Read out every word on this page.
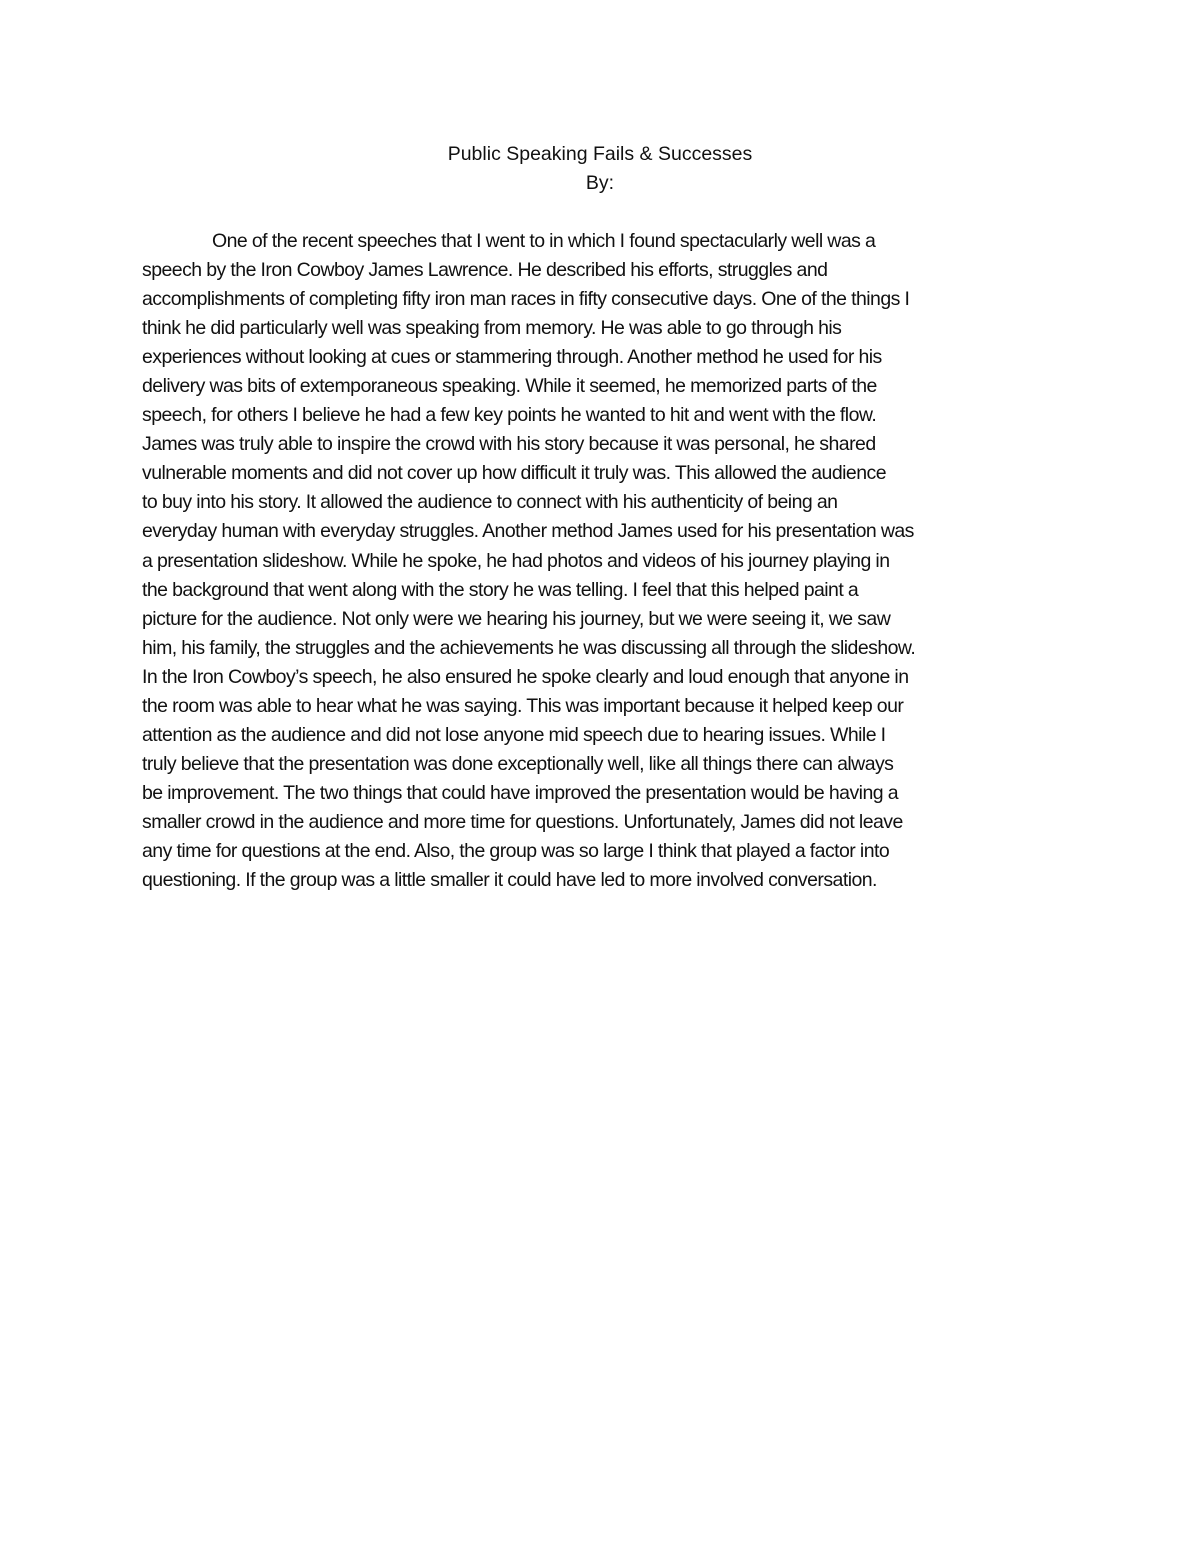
Public Speaking Fails & Successes

By:

One of the recent speeches that I went to in which I found spectacularly well was a
speech by the Iron Cowboy James Lawrence. He described his efforts, struggles and
accomplishments of completing fifty iron man races in fifty consecutive days. One of the things I
think he did particularly well was speaking from memory. He was able to go through his
experiences without looking at cues or stammering through. Another method he used for his
delivery was bits of extemporaneous speaking. While it seemed, he memorized parts of the
speech, for others I believe he had a few key points he wanted to hit and went with the flow.
James was truly able to inspire the crowd with his story because it was personal, he shared
vulnerable moments and did not cover up how difficult it truly was. This allowed the audience
to buy into his story. It allowed the audience to connect with his authenticity of being an
everyday human with everyday struggles. Another method James used for his presentation was
a presentation slideshow. While he spoke, he had photos and videos of his journey playing in
the background that went along with the story he was telling. I feel that this helped paint a
picture for the audience. Not only were we hearing his journey, but we were seeing it, we saw
him, his family, the struggles and the achievements he was discussing all through the slideshow.
In the Iron Cowboy’s speech, he also ensured he spoke clearly and loud enough that anyone in
the room was able to hear what he was saying. This was important because it helped keep our
attention as the audience and did not lose anyone mid speech due to hearing issues. While I
truly believe that the presentation was done exceptionally well, like all things there can always
be improvement. The two things that could have improved the presentation would be having a
smaller crowd in the audience and more time for questions. Unfortunately, James did not leave
any time for questions at the end. Also, the group was so large I think that played a factor into
questioning. If the group was a little smaller it could have led to more involved conversation.
